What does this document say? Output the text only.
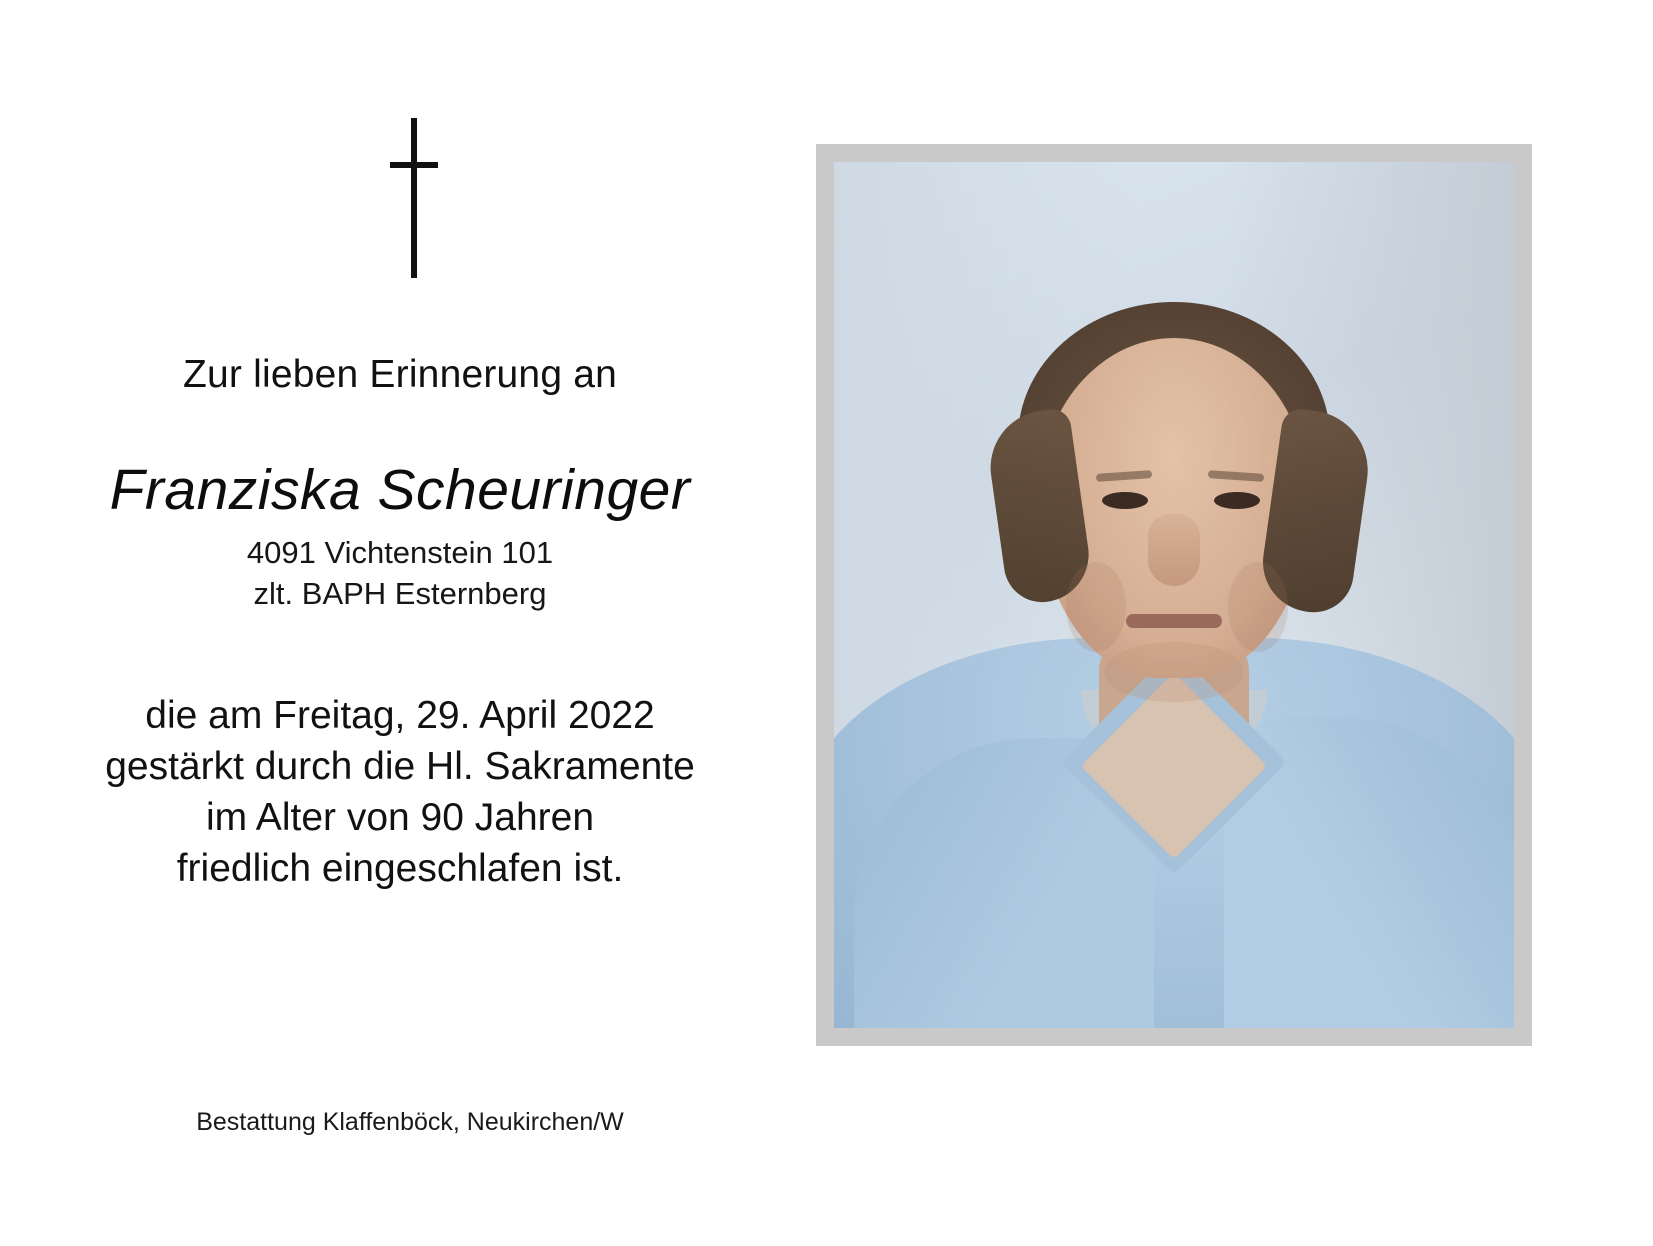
Zur lieben Erinnerung an
Franziska Scheuringer
4091 Vichtenstein 101
zlt. BAPH Esternberg
die am Freitag, 29. April 2022
gestärkt durch die Hl. Sakramente
im Alter von 90 Jahren
friedlich eingeschlafen ist.
Bestattung Klaffenböck, Neukirchen/W
